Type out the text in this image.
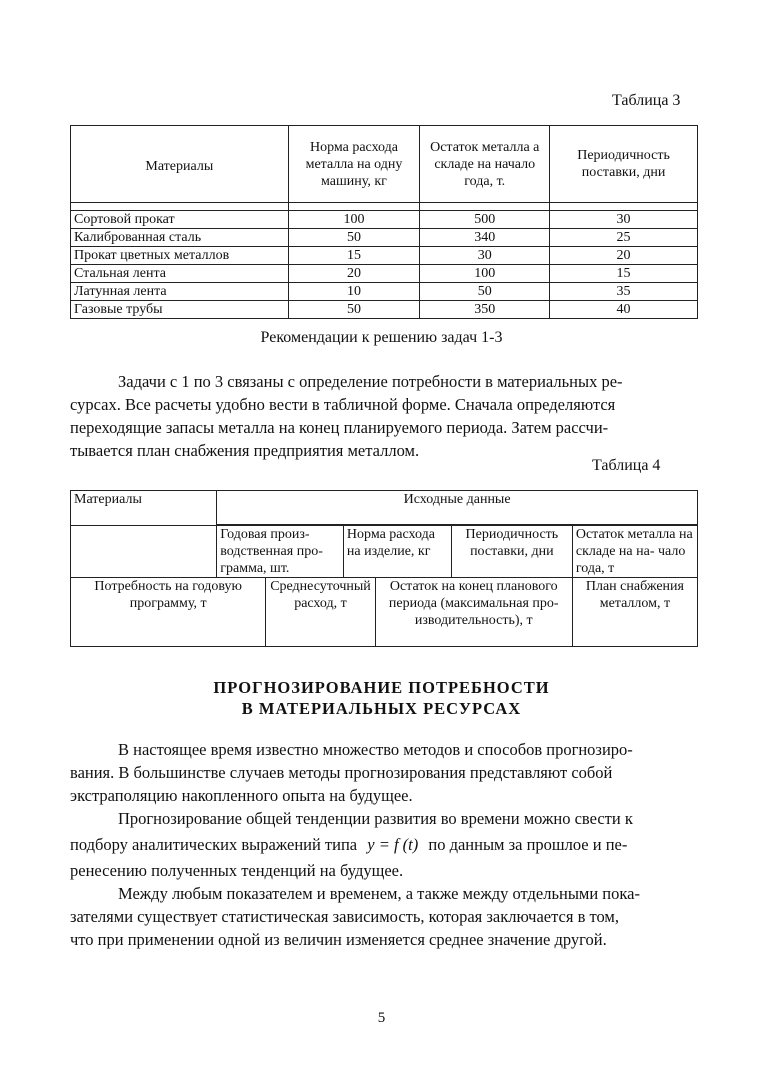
Таблица 3
Материалы	Норма расхода металла на одну машину, кг	Остаток металла а складе на начало года, т.	Периодичность поставки, дни

Сортовой прокат	100	500	30
Калиброванная сталь	50	340	25
Прокат цветных металлов	15	30	20
Стальная лента	20	100	15
Латунная лента	10	50	35
Газовые трубы	50	350	40
Рекомендации к решению задач 1-3
Задачи с 1 по 3 связаны с определение потребности в материальных ре-
сурсах. Все расчеты удобно вести в табличной форме. Сначала определяются
переходящие запасы металла на конец планируемого периода. Затем рассчи-
тывается план снабжения предприятия металлом.
Таблица 4
Материалы	Исходные данные					

	Годовая произ- водственная про- грамма, шт.		Норма расхода на изделие, кг		Периодичность поставки, дни	Остаток металла на складе на на- чало года, т
Потребность на годовую программу, т		Среднесуточный расход, т		Остаток на конец планового периода (максимальная про- изводительность), т		План снабжения металлом, т
ПРОГНОЗИРОВАНИЕ ПОТРЕБНОСТИ
В МАТЕРИАЛЬНЫХ РЕСУРСАХ
В настоящее время известно множество методов и способов прогнозиро-
вания. В большинстве случаев методы прогнозирования представляют собой
экстраполяцию накопленного опыта на будущее.
Прогнозирование общей тенденции развития во времени можно свести к
подбору аналитических выражений типа y = f (t) по данным за прошлое и пе-
ренесению полученных тенденций на будущее.
Между любым показателем и временем, а также между отдельными пока-
зателями существует статистическая зависимость, которая заключается в том,
что при применении одной из величин изменяется среднее значение другой.
5
